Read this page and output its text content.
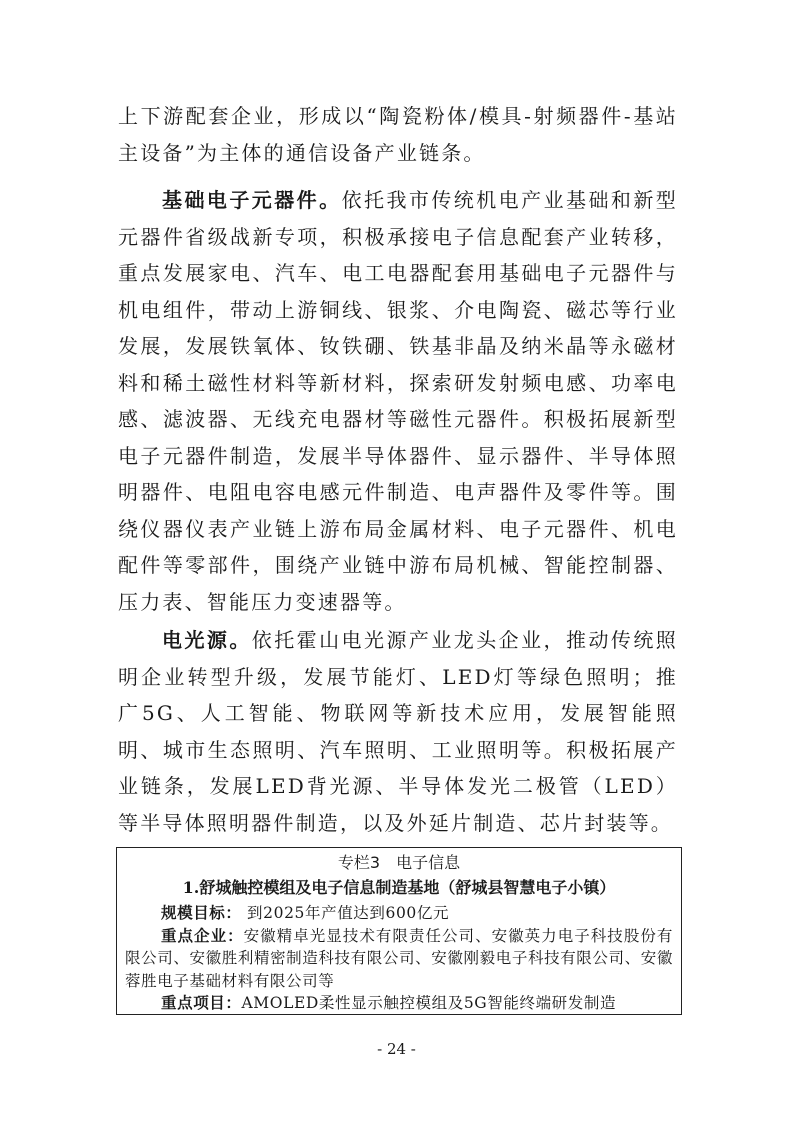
上下游配套企业，形成以“陶瓷粉体/模具-射频器件-基站主设备”为主体的通信设备产业链条。

基础电子元器件。依托我市传统机电产业基础和新型元器件省级战新专项，积极承接电子信息配套产业转移，重点发展家电、汽车、电工电器配套用基础电子元器件与机电组件，带动上游铜线、银浆、介电陶瓷、磁芯等行业发展，发展铁氧体、钕铁硼、铁基非晶及纳米晶等永磁材料和稀土磁性材料等新材料，探索研发射频电感、功率电感、滤波器、无线充电器材等磁性元器件。积极拓展新型电子元器件制造，发展半导体器件、显示器件、半导体照明器件、电阻电容电感元件制造、电声器件及零件等。围绕仪器仪表产业链上游布局金属材料、电子元器件、机电配件等零部件，围绕产业链中游布局机械、智能控制器、压力表、智能压力变速器等。

电光源。依托霍山电光源产业龙头企业，推动传统照明企业转型升级，发展节能灯、LED灯等绿色照明；推广5G、人工智能、物联网等新技术应用，发展智能照明、城市生态照明、汽车照明、工业照明等。积极拓展产业链条，发展LED背光源、半导体发光二极管（LED）等半导体照明器件制造，以及外延片制造、芯片封装等。

专栏3　电子信息
1.舒城触控模组及电子信息制造基地（舒城县智慧电子小镇）

规模目标： 到2025年产值达到600亿元

重点企业：安徽精卓光显技术有限责任公司、安徽英力电子科技股份有限公司、安徽胜利精密制造科技有限公司、安徽刚毅电子科技有限公司、安徽蓉胜电子基础材料有限公司等

重点项目：AMOLED柔性显示触控模组及5G智能终端研发制造

- 24 -
